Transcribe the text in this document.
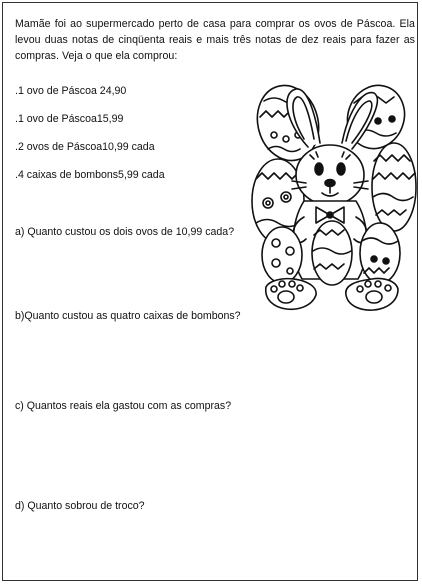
Mamãe foi ao supermercado perto de casa para comprar os ovos de Páscoa. Ela levou duas notas de cinqüenta reais e mais três notas de dez reais para fazer as compras. Veja o que ela comprou:
.1 ovo de Páscoa 24,90
.1 ovo de Páscoa15,99
.2 ovos de Páscoa10,99 cada
.4 caixas de bombons5,99 cada
a) Quanto custou os dois ovos de 10,99 cada?
b)Quanto custou as quatro caixas de bombons?
c) Quantos reais ela gastou com as compras?
d) Quanto sobrou de troco?
